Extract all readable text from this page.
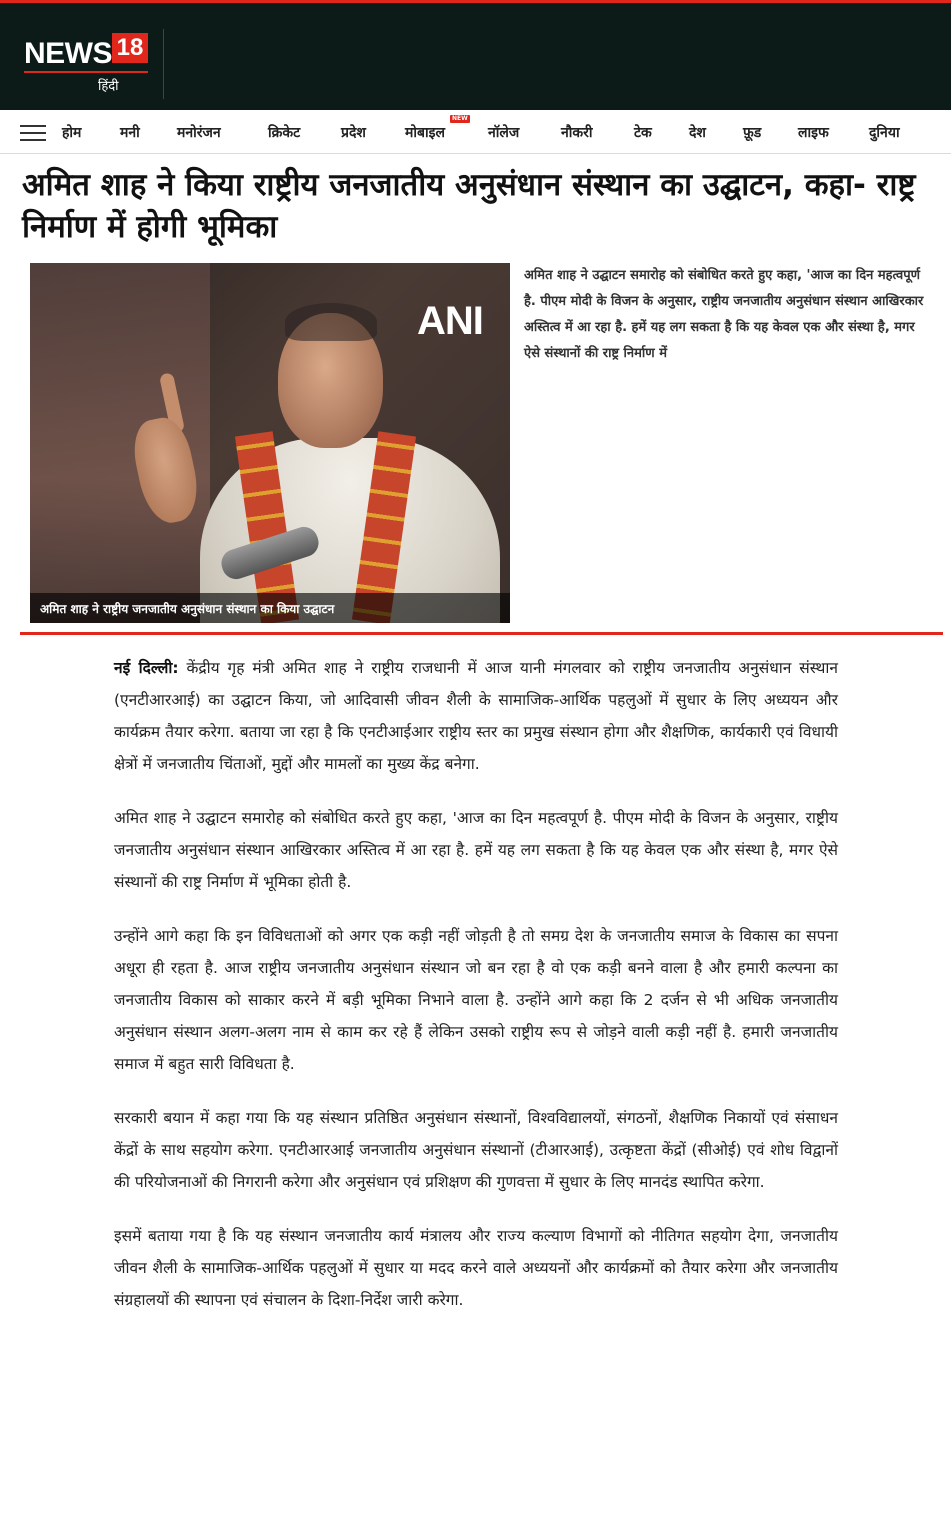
NEWS 18
हिंदी
होम	मनी	मनोरंजन	क्रिकेट	प्रदेश	मोबाइल
NEW
नॉलेज	नौकरी	टेक	देश	फ़ूड	लाइफ	दुनिया
अमित शाह ने किया राष्ट्रीय जनजातीय अनुसंधान संस्थान का उद्घाटन, कहा- राष्ट्र निर्माण में होगी भूमिका
ANI
अमित शाह ने राष्ट्रीय जनजातीय अनुसंधान संस्थान का किया उद्घाटन

अमित शाह ने उद्घाटन समारोह को संबोधित करते हुए कहा, 'आज का दिन महत्वपूर्ण है. पीएम मोदी के विजन के अनुसार, राष्ट्रीय जनजातीय अनुसंधान संस्थान आखिरकार अस्तित्व में आ रहा है. हमें यह लग सकता है कि यह केवल एक और संस्था है, मगर ऐसे संस्थानों की राष्ट्र निर्माण में

नई दिल्ली: केंद्रीय गृह मंत्री अमित शाह ने राष्ट्रीय राजधानी में आज यानी मंगलवार को राष्ट्रीय जनजातीय अनुसंधान संस्थान (एनटीआरआई) का उद्घाटन किया, जो आदिवासी जीवन शैली के सामाजिक-आर्थिक पहलुओं में सुधार के लिए अध्ययन और कार्यक्रम तैयार करेगा. बताया जा रहा है कि एनटीआईआर राष्ट्रीय स्तर का प्रमुख संस्थान होगा और शैक्षणिक, कार्यकारी एवं विधायी क्षेत्रों में जनजातीय चिंताओं, मुद्दों और मामलों का मुख्य केंद्र बनेगा.

अमित शाह ने उद्घाटन समारोह को संबोधित करते हुए कहा, 'आज का दिन महत्वपूर्ण है. पीएम मोदी के विजन के अनुसार, राष्ट्रीय जनजातीय अनुसंधान संस्थान आखिरकार अस्तित्व में आ रहा है. हमें यह लग सकता है कि यह केवल एक और संस्था है, मगर ऐसे संस्थानों की राष्ट्र निर्माण में भूमिका होती है.

उन्होंने आगे कहा कि इन विविधताओं को अगर एक कड़ी नहीं जोड़ती है तो समग्र देश के जनजातीय समाज के विकास का सपना अधूरा ही रहता है. आज राष्ट्रीय जनजातीय अनुसंधान संस्थान जो बन रहा है वो एक कड़ी बनने वाला है और हमारी कल्पना का जनजातीय विकास को साकार करने में बड़ी भूमिका निभाने वाला है. उन्होंने आगे कहा कि 2 दर्जन से भी अधिक जनजातीय अनुसंधान संस्थान अलग-अलग नाम से काम कर रहे हैं लेकिन उसको राष्ट्रीय रूप से जोड़ने वाली कड़ी नहीं है. हमारी जनजातीय समाज में बहुत सारी विविधता है.

सरकारी बयान में कहा गया कि यह संस्थान प्रतिष्ठित अनुसंधान संस्थानों, विश्वविद्यालयों, संगठनों, शैक्षणिक निकायों एवं संसाधन केंद्रों के साथ सहयोग करेगा. एनटीआरआई जनजातीय अनुसंधान संस्थानों (टीआरआई), उत्कृष्टता केंद्रों (सीओई) एवं शोध विद्वानों की परियोजनाओं की निगरानी करेगा और अनुसंधान एवं प्रशिक्षण की गुणवत्ता में सुधार के लिए मानदंड स्थापित करेगा.

इसमें बताया गया है कि यह संस्थान जनजातीय कार्य मंत्रालय और राज्य कल्याण विभागों को नीतिगत सहयोग देगा, जनजातीय जीवन शैली के सामाजिक-आर्थिक पहलुओं में सुधार या मदद करने वाले अध्ययनों और कार्यक्रमों को तैयार करेगा और जनजातीय संग्रहालयों की स्थापना एवं संचालन के दिशा-निर्देश जारी करेगा.
